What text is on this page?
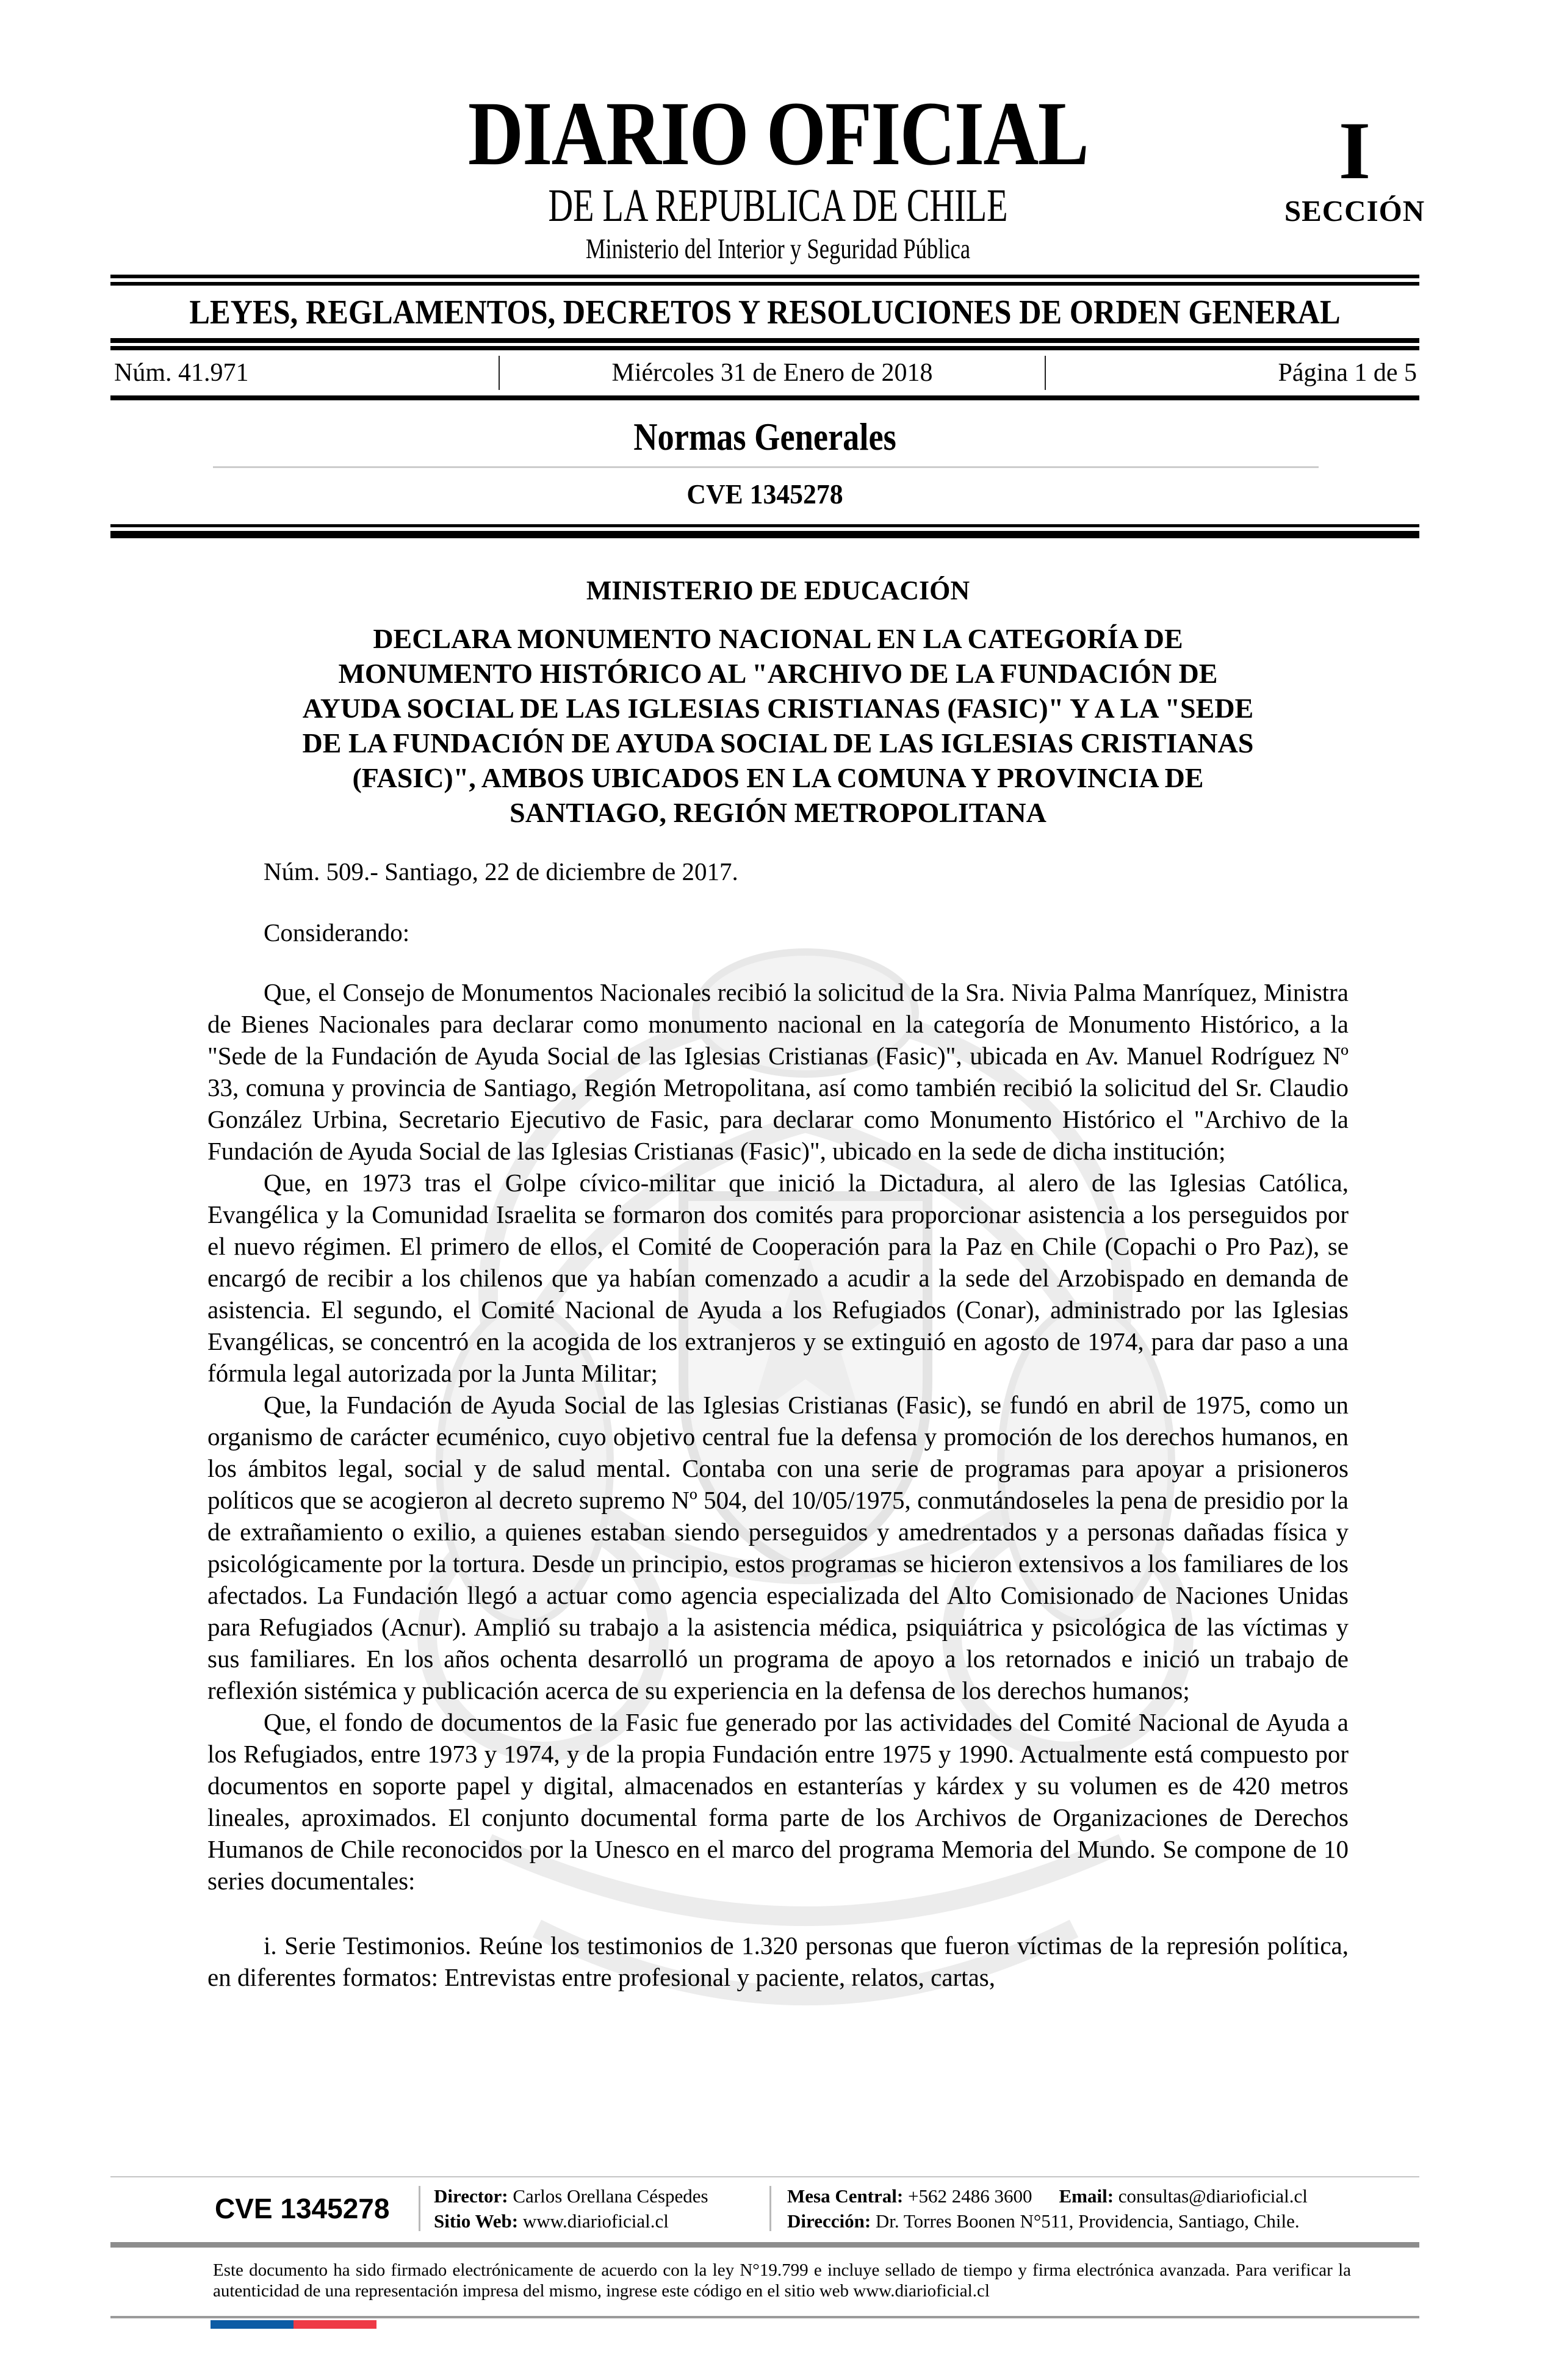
DIARIO OFICIAL
DE LA REPUBLICA DE CHILE
Ministerio del Interior y Seguridad Pública
I
SECCIÓN
LEYES, REGLAMENTOS, DECRETOS Y RESOLUCIONES DE ORDEN GENERAL
Núm. 41.971	Miércoles 31 de Enero de 2018	Página 1 de 5
Normas Generales
CVE 1345278
MINISTERIO DE EDUCACIÓN
DECLARA MONUMENTO NACIONAL EN LA CATEGORÍA DE MONUMENTO HISTÓRICO AL "ARCHIVO DE LA FUNDACIÓN DE AYUDA SOCIAL DE LAS IGLESIAS CRISTIANAS (FASIC)" Y A LA "SEDE DE LA FUNDACIÓN DE AYUDA SOCIAL DE LAS IGLESIAS CRISTIANAS (FASIC)", AMBOS UBICADOS EN LA COMUNA Y PROVINCIA DE SANTIAGO, REGIÓN METROPOLITANA

Núm. 509.- Santiago, 22 de diciembre de 2017.

Considerando:

Que, el Consejo de Monumentos Nacionales recibió la solicitud de la Sra. Nivia Palma Manríquez, Ministra de Bienes Nacionales para declarar como monumento nacional en la categoría de Monumento Histórico, a la "Sede de la Fundación de Ayuda Social de las Iglesias Cristianas (Fasic)", ubicada en Av. Manuel Rodríguez Nº 33, comuna y provincia de Santiago, Región Metropolitana, así como también recibió la solicitud del Sr. Claudio González Urbina, Secretario Ejecutivo de Fasic, para declarar como Monumento Histórico el "Archivo de la Fundación de Ayuda Social de las Iglesias Cristianas (Fasic)", ubicado en la sede de dicha institución;

Que, en 1973 tras el Golpe cívico-militar que inició la Dictadura, al alero de las Iglesias Católica, Evangélica y la Comunidad Israelita se formaron dos comités para proporcionar asistencia a los perseguidos por el nuevo régimen. El primero de ellos, el Comité de Cooperación para la Paz en Chile (Copachi o Pro Paz), se encargó de recibir a los chilenos que ya habían comenzado a acudir a la sede del Arzobispado en demanda de asistencia. El segundo, el Comité Nacional de Ayuda a los Refugiados (Conar), administrado por las Iglesias Evangélicas, se concentró en la acogida de los extranjeros y se extinguió en agosto de 1974, para dar paso a una fórmula legal autorizada por la Junta Militar;

Que, la Fundación de Ayuda Social de las Iglesias Cristianas (Fasic), se fundó en abril de 1975, como un organismo de carácter ecuménico, cuyo objetivo central fue la defensa y promoción de los derechos humanos, en los ámbitos legal, social y de salud mental. Contaba con una serie de programas para apoyar a prisioneros políticos que se acogieron al decreto supremo Nº 504, del 10/05/1975, conmutándoseles la pena de presidio por la de extrañamiento o exilio, a quienes estaban siendo perseguidos y amedrentados y a personas dañadas física y psicológicamente por la tortura. Desde un principio, estos programas se hicieron extensivos a los familiares de los afectados. La Fundación llegó a actuar como agencia especializada del Alto Comisionado de Naciones Unidas para Refugiados (Acnur). Amplió su trabajo a la asistencia médica, psiquiátrica y psicológica de las víctimas y sus familiares. En los años ochenta desarrolló un programa de apoyo a los retornados e inició un trabajo de reflexión sistémica y publicación acerca de su experiencia en la defensa de los derechos humanos;

Que, el fondo de documentos de la Fasic fue generado por las actividades del Comité Nacional de Ayuda a los Refugiados, entre 1973 y 1974, y de la propia Fundación entre 1975 y 1990. Actualmente está compuesto por documentos en soporte papel y digital, almacenados en estanterías y kárdex y su volumen es de 420 metros lineales, aproximados. El conjunto documental forma parte de los Archivos de Organizaciones de Derechos Humanos de Chile reconocidos por la Unesco en el marco del programa Memoria del Mundo. Se compone de 10 series documentales:

i. Serie Testimonios. Reúne los testimonios de 1.320 personas que fueron víctimas de la represión política, en diferentes formatos: Entrevistas entre profesional y paciente, relatos, cartas,

CVE 1345278	Director: Carlos Orellana Céspedes
Sitio Web: www.diarioficial.cl
Mesa Central: +562 2486 3600 Email: consultas@diarioficial.cl
Dirección: Dr. Torres Boonen N°511, Providencia, Santiago, Chile.
Este documento ha sido firmado electrónicamente de acuerdo con la ley N°19.799 e incluye sellado de tiempo y firma electrónica avanzada. Para verificar la autenticidad de una representación impresa del mismo, ingrese este código en el sitio web www.diarioficial.cl
